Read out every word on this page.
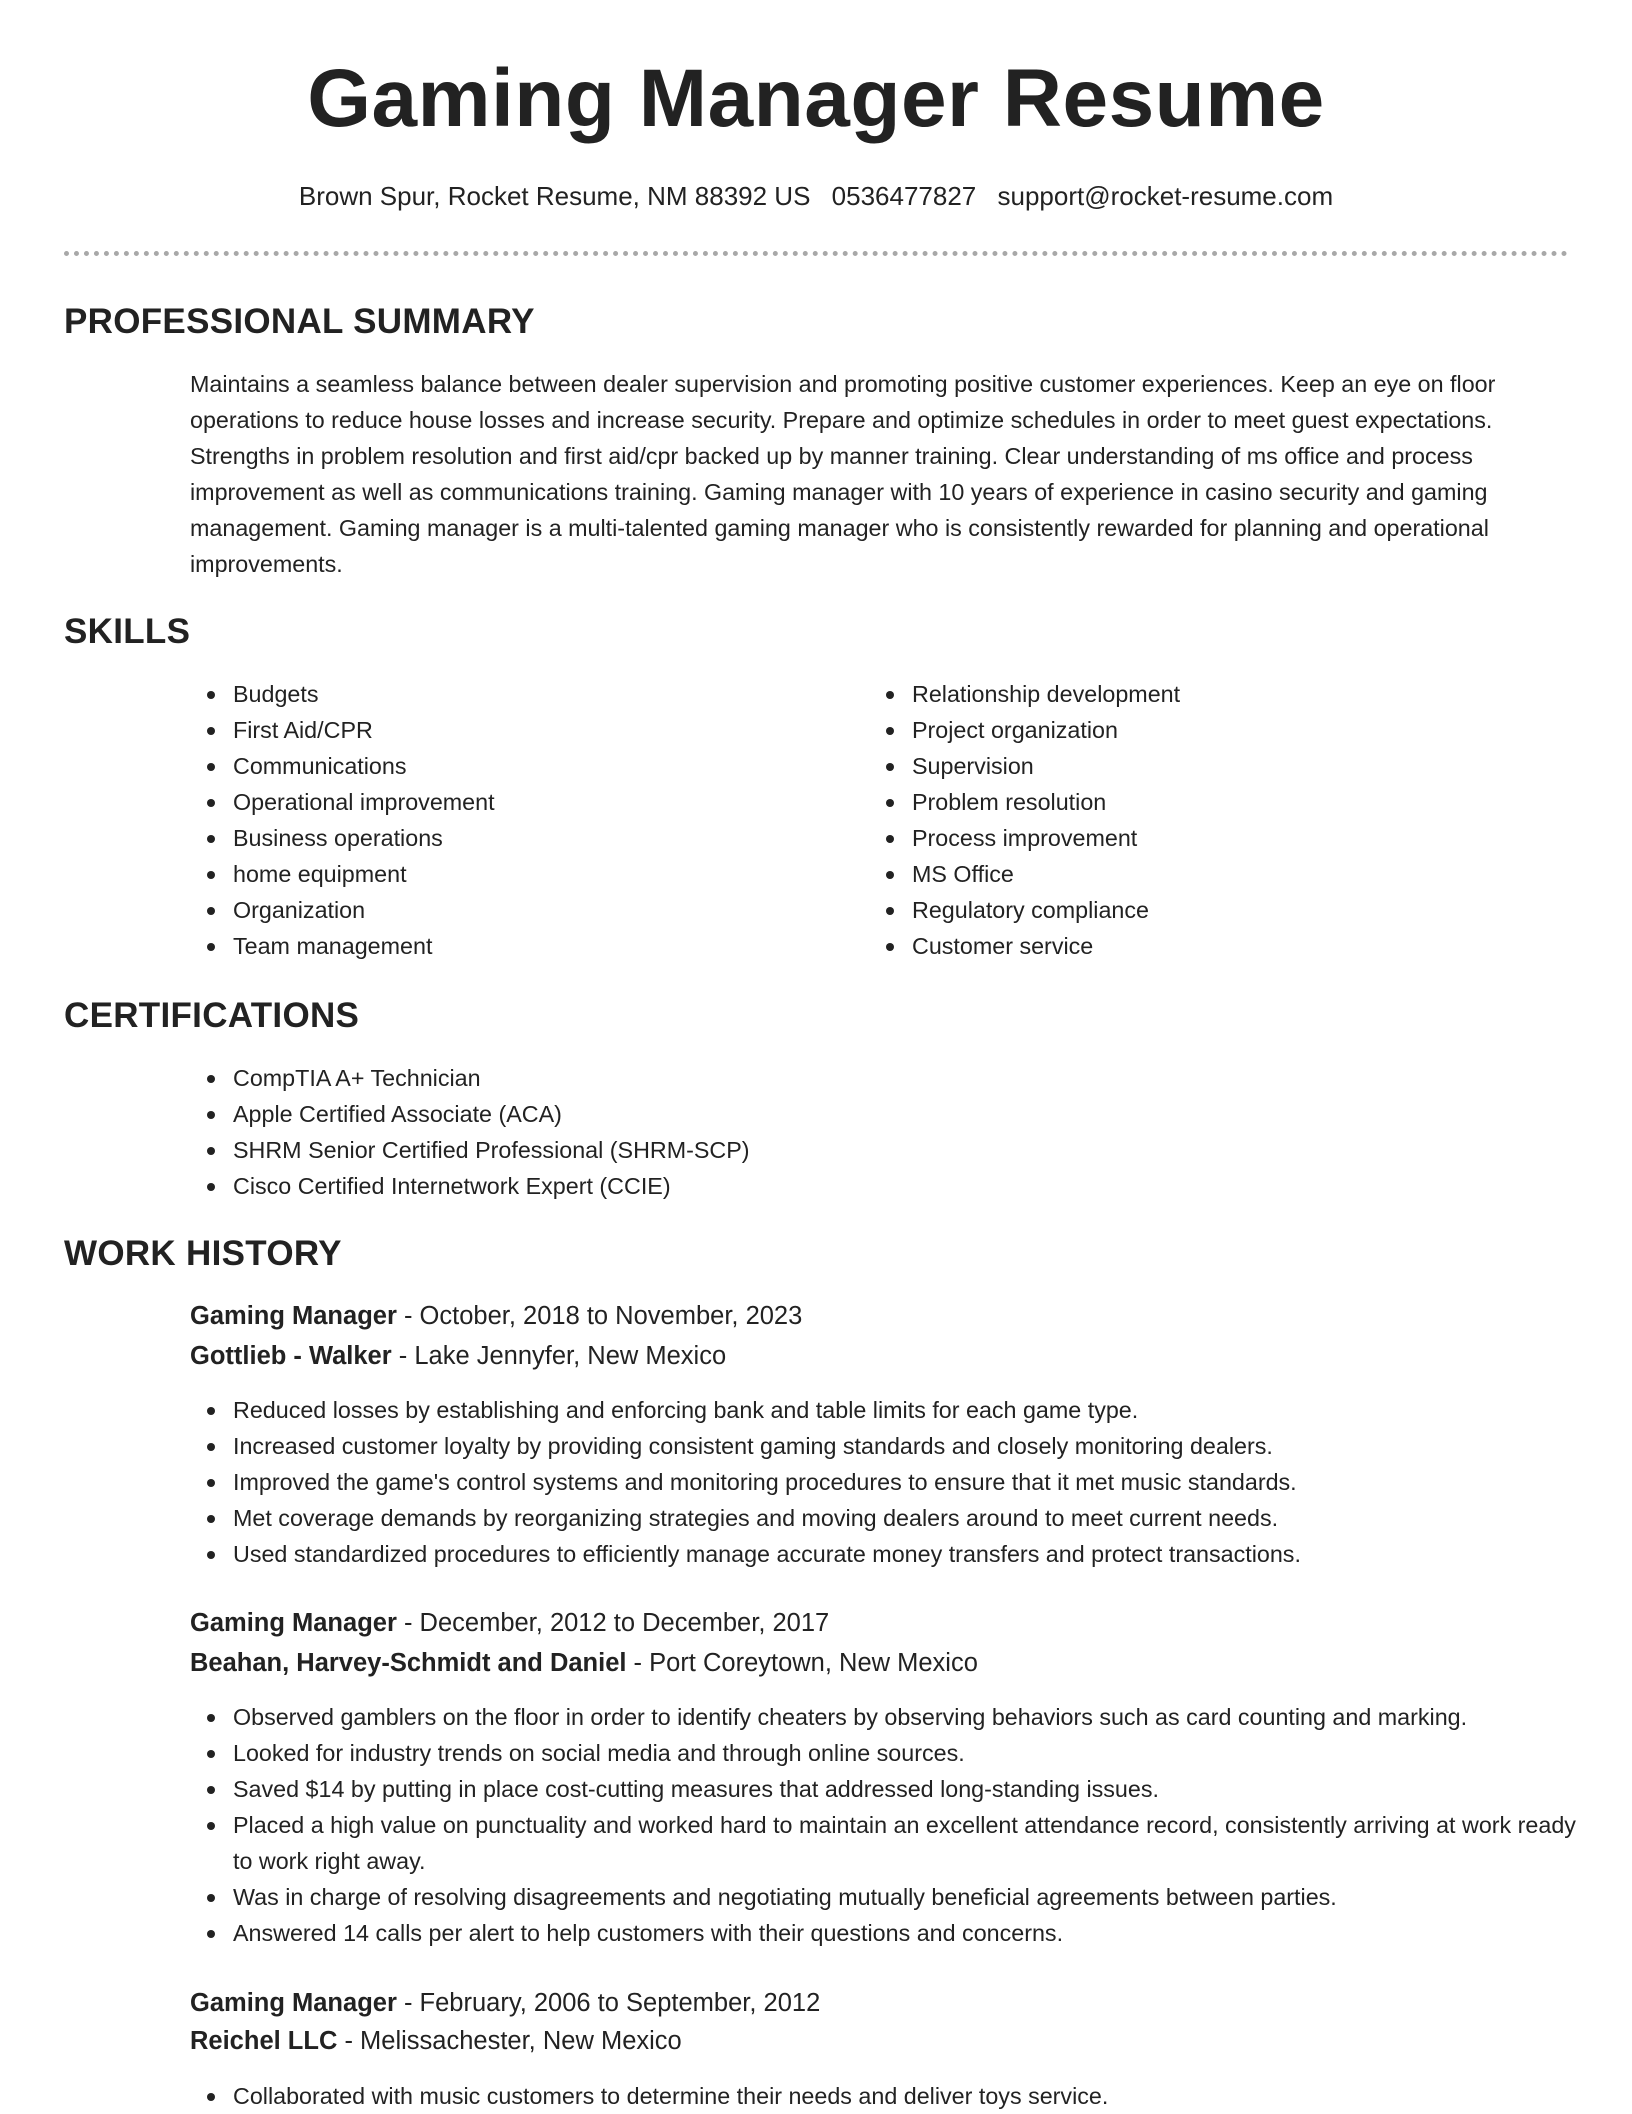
Gaming Manager Resume
Brown Spur, Rocket Resume, NM 88392 US 0536477827 support@rocket-resume.com
PROFESSIONAL SUMMARY

Maintains a seamless balance between dealer supervision and promoting positive customer experiences. Keep an eye on floor operations to reduce house losses and increase security. Prepare and optimize schedules in order to meet guest expectations. Strengths in problem resolution and first aid/cpr backed up by manner training. Clear understanding of ms office and process improvement as well as communications training. Gaming manager with 10 years of experience in casino security and gaming management. Gaming manager is a multi-talented gaming manager who is consistently rewarded for planning and operational improvements.

SKILLS
Budgets
First Aid/CPR
Communications
Operational improvement
Business operations
home equipment
Organization
Team management
Relationship development
Project organization
Supervision
Problem resolution
Process improvement
MS Office
Regulatory compliance
Customer service
CERTIFICATIONS
CompTIA A+ Technician
Apple Certified Associate (ACA)
SHRM Senior Certified Professional (SHRM-SCP)
Cisco Certified Internetwork Expert (CCIE)
WORK HISTORY
Gaming Manager - October, 2018 to November, 2023
Gottlieb - Walker - Lake Jennyfer, New Mexico
Reduced losses by establishing and enforcing bank and table limits for each game type.
Increased customer loyalty by providing consistent gaming standards and closely monitoring dealers.
Improved the game's control systems and monitoring procedures to ensure that it met music standards.
Met coverage demands by reorganizing strategies and moving dealers around to meet current needs.
Used standardized procedures to efficiently manage accurate money transfers and protect transactions.
Gaming Manager - December, 2012 to December, 2017
Beahan, Harvey-Schmidt and Daniel - Port Coreytown, New Mexico
Observed gamblers on the floor in order to identify cheaters by observing behaviors such as card counting and marking.
Looked for industry trends on social media and through online sources.
Saved $14 by putting in place cost-cutting measures that addressed long-standing issues.
Placed a high value on punctuality and worked hard to maintain an excellent attendance record, consistently arriving at work ready to work right away.
Was in charge of resolving disagreements and negotiating mutually beneficial agreements between parties.
Answered 14 calls per alert to help customers with their questions and concerns.
Gaming Manager - February, 2006 to September, 2012
Reichel LLC - Melissachester, New Mexico
Collaborated with music customers to determine their needs and deliver toys service.
